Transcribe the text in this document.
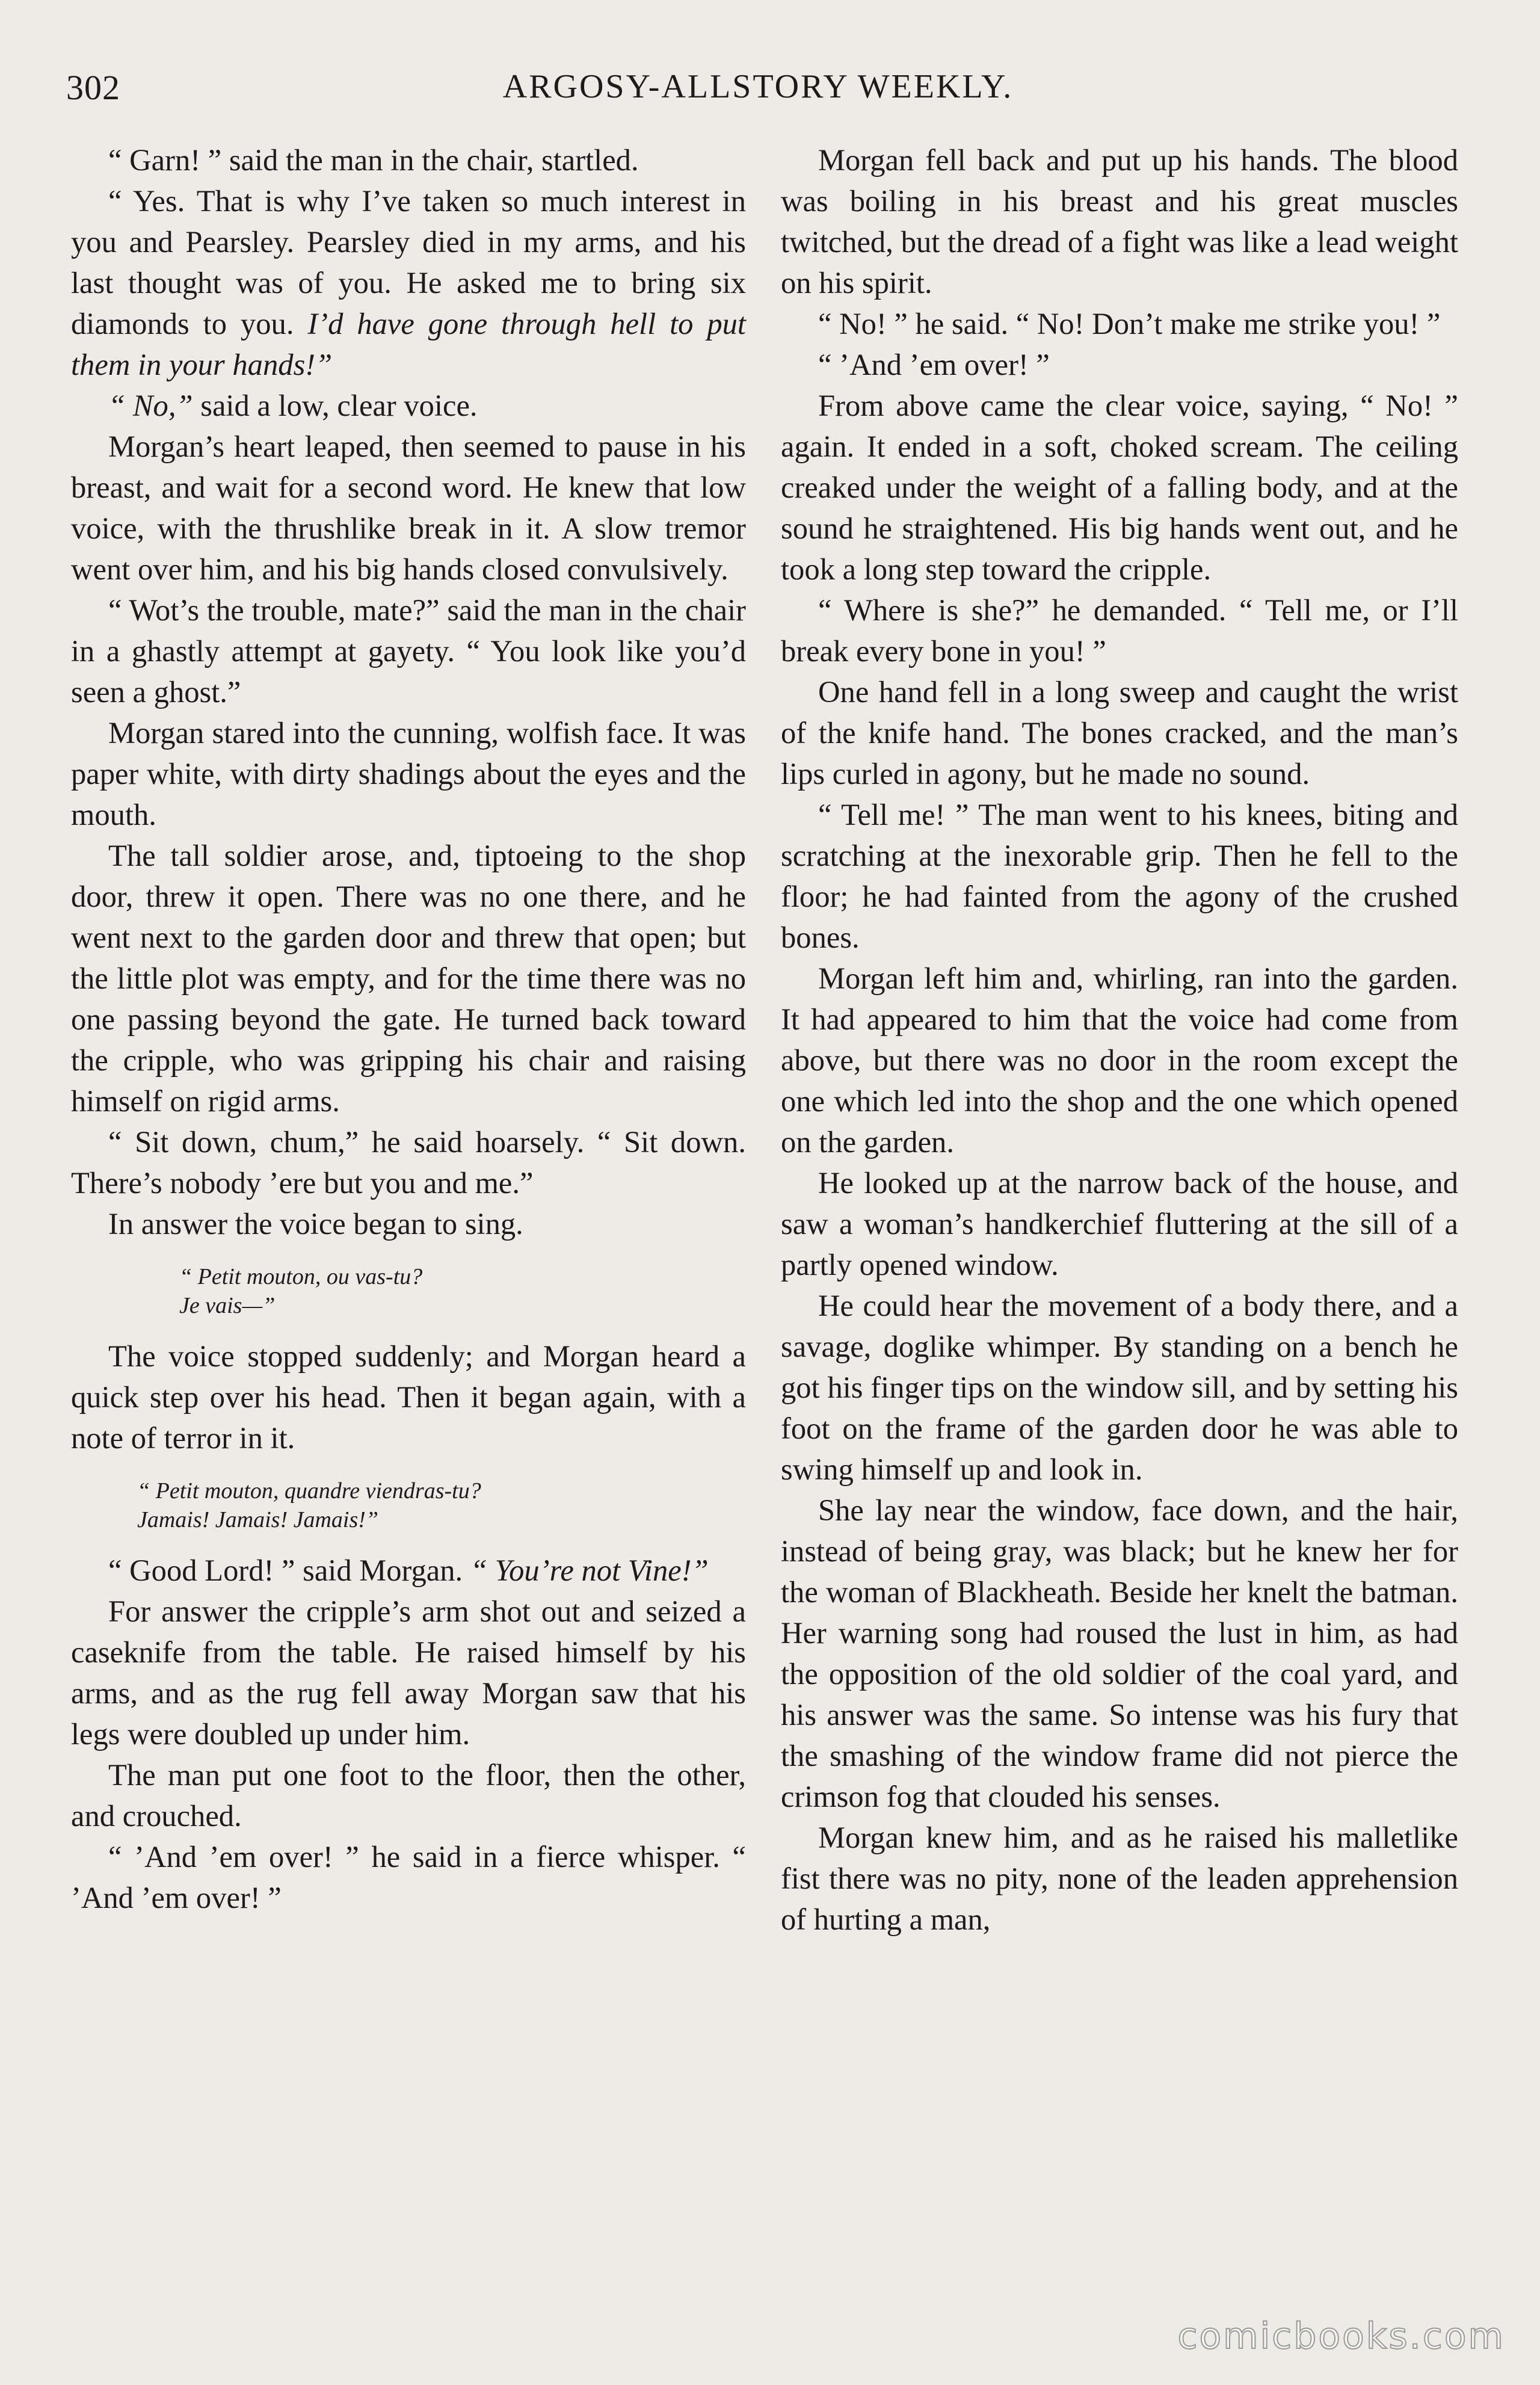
302	ARGOSY-ALLSTORY WEEKLY.

“ Garn! ” said the man in the chair, startled.

“ Yes. That is why I’ve taken so much interest in you and Pearsley. Pearsley died in my arms, and his last thought was of you. He asked me to bring six diamonds to you. I’d have gone through hell to put them in your hands!”

“ No,” said a low, clear voice.

Morgan’s heart leaped, then seemed to pause in his breast, and wait for a second word. He knew that low voice, with the thrushlike break in it. A slow tremor went over him, and his big hands closed convulsively.

“ Wot’s the trouble, mate?” said the man in the chair in a ghastly attempt at gayety. “ You look like you’d seen a ghost.”

Morgan stared into the cunning, wolfish face. It was paper white, with dirty shadings about the eyes and the mouth.

The tall soldier arose, and, tiptoeing to the shop door, threw it open. There was no one there, and he went next to the garden door and threw that open; but the little plot was empty, and for the time there was no one passing beyond the gate. He turned back toward the cripple, who was gripping his chair and raising himself on rigid arms.

“ Sit down, chum,” he said hoarsely. “ Sit down. There’s nobody ’ere but you and me.”

In answer the voice began to sing.

“ Petit mouton, ou vas-tu?
Je vais—”

The voice stopped suddenly; and Morgan heard a quick step over his head. Then it began again, with a note of terror in it.

“ Petit mouton, quandre viendras-tu?
Jamais! Jamais! Jamais!”

“ Good Lord! ” said Morgan. “ You’re not Vine!”

For answer the cripple’s arm shot out and seized a caseknife from the table. He raised himself by his arms, and as the rug fell away Morgan saw that his legs were doubled up under him.

The man put one foot to the floor, then the other, and crouched.

“ ’And ’em over! ” he said in a fierce whisper. “ ’And ’em over! ”

Morgan fell back and put up his hands. The blood was boiling in his breast and his great muscles twitched, but the dread of a fight was like a lead weight on his spirit.

“ No! ” he said. “ No! Don’t make me strike you! ”

“ ’And ’em over! ”

From above came the clear voice, saying, “ No! ” again. It ended in a soft, choked scream. The ceiling creaked under the weight of a falling body, and at the sound he straightened. His big hands went out, and he took a long step toward the cripple.

“ Where is she?” he demanded. “ Tell me, or I’ll break every bone in you! ”

One hand fell in a long sweep and caught the wrist of the knife hand. The bones cracked, and the man’s lips curled in agony, but he made no sound.

“ Tell me! ” The man went to his knees, biting and scratching at the inexorable grip. Then he fell to the floor; he had fainted from the agony of the crushed bones.

Morgan left him and, whirling, ran into the garden. It had appeared to him that the voice had come from above, but there was no door in the room except the one which led into the shop and the one which opened on the garden.

He looked up at the narrow back of the house, and saw a woman’s handkerchief fluttering at the sill of a partly opened window.

He could hear the movement of a body there, and a savage, doglike whimper. By standing on a bench he got his finger tips on the window sill, and by setting his foot on the frame of the garden door he was able to swing himself up and look in.

She lay near the window, face down, and the hair, instead of being gray, was black; but he knew her for the woman of Blackheath. Beside her knelt the batman. Her warning song had roused the lust in him, as had the opposition of the old soldier of the coal yard, and his answer was the same. So intense was his fury that the smashing of the window frame did not pierce the crimson fog that clouded his senses.

Morgan knew him, and as he raised his malletlike fist there was no pity, none of the leaden apprehension of hurting a man,

comicbooks.com
